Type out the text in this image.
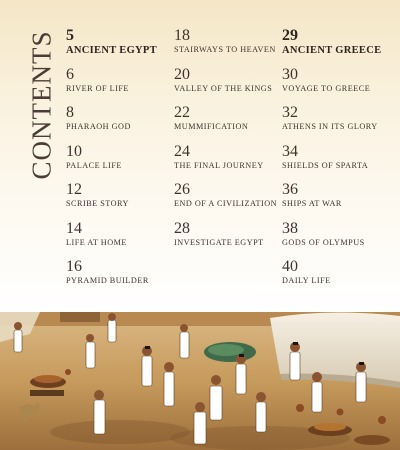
CONTENTS 5
ANCIENT EGYPT
6
RIVER OF LIFE
8
PHARAOH GOD
10
PALACE LIFE
12
SCRIBE STORY
14
LIFE AT HOME
16
PYRAMID BUILDER
18
STAIRWAYS TO HEAVEN
20
VALLEY OF THE KINGS
22
MUMMIFICATION
24
THE FINAL JOURNEY
26
END OF A CIVILIZATION
28
INVESTIGATE EGYPT
29
ANCIENT GREECE
30
VOYAGE TO GREECE
32
ATHENS IN ITS GLORY
34
SHIELDS OF SPARTA
36
SHIPS AT WAR
38
GODS OF OLYMPUS
40
DAILY LIFE
